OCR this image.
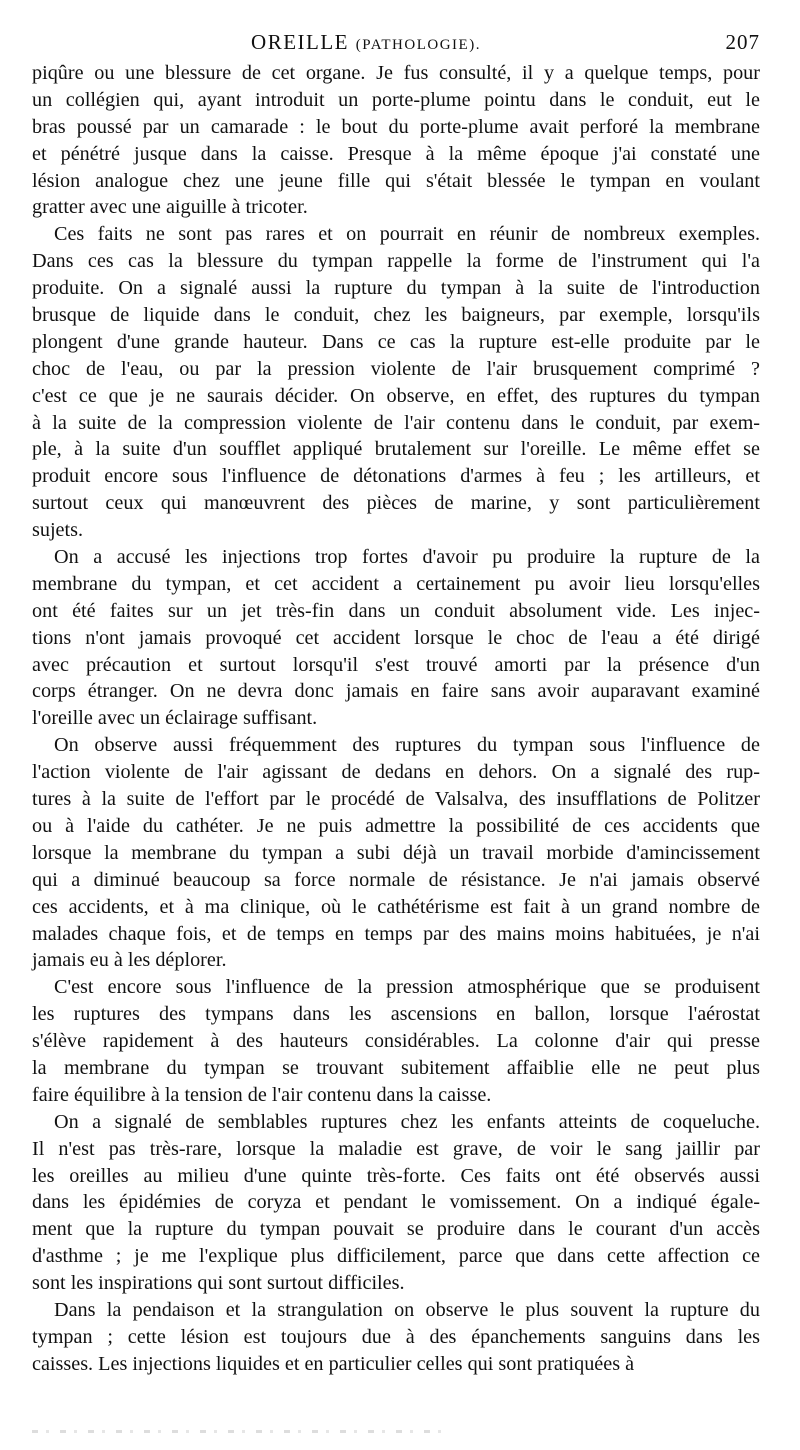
OREILLE (PATHOLOGIE).	207
piqûre ou une blessure de cet organe. Je fus consulté, il y a quelque temps, pour
un collégien qui, ayant introduit un porte-plume pointu dans le conduit, eut le
bras poussé par un camarade : le bout du porte-plume avait perforé la membrane
et pénétré jusque dans la caisse. Presque à la même époque j'ai constaté une
lésion analogue chez une jeune fille qui s'était blessée le tympan en voulant
gratter avec une aiguille à tricoter.
Ces faits ne sont pas rares et on pourrait en réunir de nombreux exemples.
Dans ces cas la blessure du tympan rappelle la forme de l'instrument qui l'a
produite. On a signalé aussi la rupture du tympan à la suite de l'introduction
brusque de liquide dans le conduit, chez les baigneurs, par exemple, lorsqu'ils
plongent d'une grande hauteur. Dans ce cas la rupture est-elle produite par le
choc de l'eau, ou par la pression violente de l'air brusquement comprimé ?
c'est ce que je ne saurais décider. On observe, en effet, des ruptures du tympan
à la suite de la compression violente de l'air contenu dans le conduit, par exem-
ple, à la suite d'un soufflet appliqué brutalement sur l'oreille. Le même effet se
produit encore sous l'influence de détonations d'armes à feu ; les artilleurs, et
surtout ceux qui manœuvrent des pièces de marine, y sont particulièrement
sujets.
On a accusé les injections trop fortes d'avoir pu produire la rupture de la
membrane du tympan, et cet accident a certainement pu avoir lieu lorsqu'elles
ont été faites sur un jet très-fin dans un conduit absolument vide. Les injec-
tions n'ont jamais provoqué cet accident lorsque le choc de l'eau a été dirigé
avec précaution et surtout lorsqu'il s'est trouvé amorti par la présence d'un
corps étranger. On ne devra donc jamais en faire sans avoir auparavant examiné
l'oreille avec un éclairage suffisant.
On observe aussi fréquemment des ruptures du tympan sous l'influence de
l'action violente de l'air agissant de dedans en dehors. On a signalé des rup-
tures à la suite de l'effort par le procédé de Valsalva, des insufflations de Politzer
ou à l'aide du cathéter. Je ne puis admettre la possibilité de ces accidents que
lorsque la membrane du tympan a subi déjà un travail morbide d'amincissement
qui a diminué beaucoup sa force normale de résistance. Je n'ai jamais observé
ces accidents, et à ma clinique, où le cathétérisme est fait à un grand nombre de
malades chaque fois, et de temps en temps par des mains moins habituées, je n'ai
jamais eu à les déplorer.
C'est encore sous l'influence de la pression atmosphérique que se produisent
les ruptures des tympans dans les ascensions en ballon, lorsque l'aérostat
s'élève rapidement à des hauteurs considérables. La colonne d'air qui presse
la membrane du tympan se trouvant subitement affaiblie elle ne peut plus
faire équilibre à la tension de l'air contenu dans la caisse.
On a signalé de semblables ruptures chez les enfants atteints de coqueluche.
Il n'est pas très-rare, lorsque la maladie est grave, de voir le sang jaillir par
les oreilles au milieu d'une quinte très-forte. Ces faits ont été observés aussi
dans les épidémies de coryza et pendant le vomissement. On a indiqué égale-
ment que la rupture du tympan pouvait se produire dans le courant d'un accès
d'asthme ; je me l'explique plus difficilement, parce que dans cette affection ce
sont les inspirations qui sont surtout difficiles.
Dans la pendaison et la strangulation on observe le plus souvent la rupture du
tympan ; cette lésion est toujours due à des épanchements sanguins dans les
caisses. Les injections liquides et en particulier celles qui sont pratiquées à
